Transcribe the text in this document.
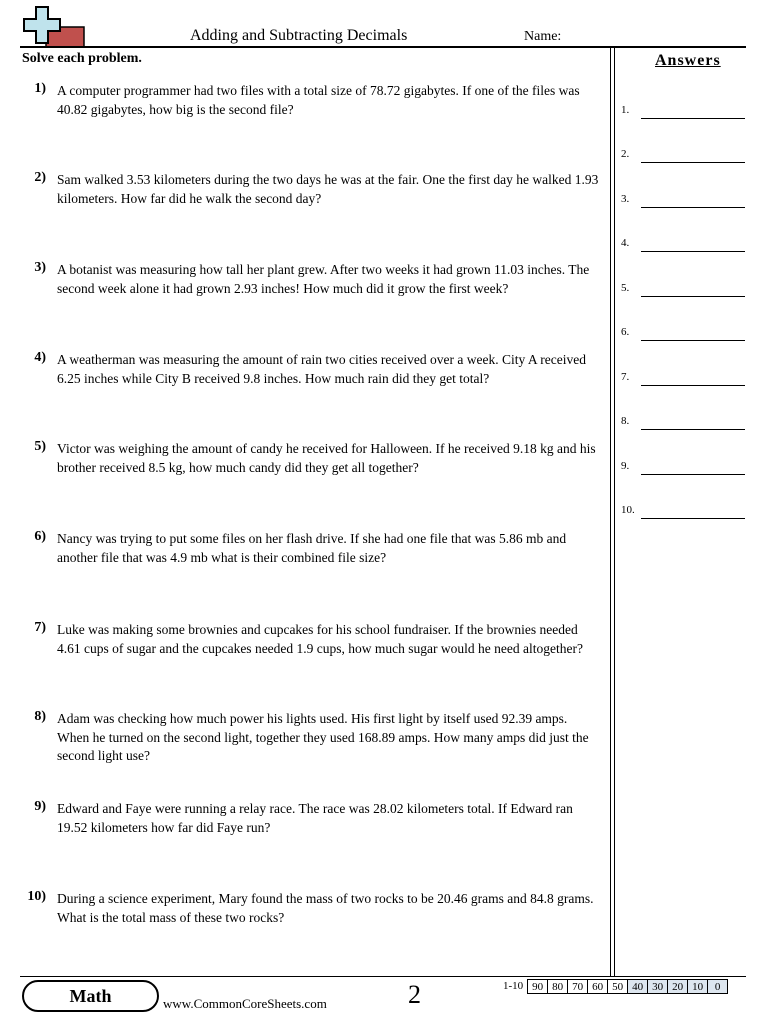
Adding and Subtracting Decimals	Name:
Solve each problem.	Answers
1) A computer programmer had two files with a total size of 78.72 gigabytes. If one of the files was 40.82 gigabytes, how big is the second file?
2) Sam walked 3.53 kilometers during the two days he was at the fair. One the first day he walked 1.93 kilometers. How far did he walk the second day?
3) A botanist was measuring how tall her plant grew. After two weeks it had grown 11.03 inches. The second week alone it had grown 2.93 inches! How much did it grow the first week?
4) A weatherman was measuring the amount of rain two cities received over a week. City A received 6.25 inches while City B received 9.8 inches. How much rain did they get total?
5) Victor was weighing the amount of candy he received for Halloween. If he received 9.18 kg and his brother received 8.5 kg, how much candy did they get all together?
6) Nancy was trying to put some files on her flash drive. If she had one file that was 5.86 mb and another file that was 4.9 mb what is their combined file size?
7) Luke was making some brownies and cupcakes for his school fundraiser. If the brownies needed 4.61 cups of sugar and the cupcakes needed 1.9 cups, how much sugar would he need altogether?
8) Adam was checking how much power his lights used. His first light by itself used 92.39 amps. When he turned on the second light, together they used 168.89 amps. How many amps did just the second light use?
9) Edward and Faye were running a relay race. The race was 28.02 kilometers total. If Edward ran 19.52 kilometers how far did Faye run?
10) During a science experiment, Mary found the mass of two rocks to be 20.46 grams and 84.8 grams. What is the total mass of these two rocks?
1.
2.
3.
4.
5.
6.
7.
8.
9.
10.
Math	www.CommonCoreSheets.com	2	1-10 90 80 70 60 50 40 30 20 10	0
